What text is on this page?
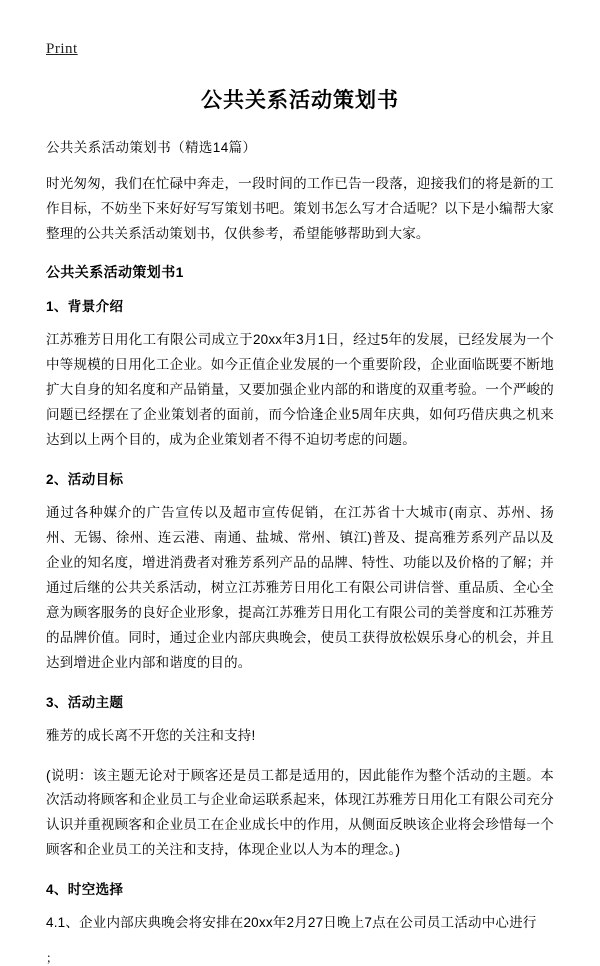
Print
公共关系活动策划书
公共关系活动策划书（精选14篇）

时光匆匆，我们在忙碌中奔走，一段时间的工作已告一段落，迎接我们的将是新的工作目标，不妨坐下来好好写写策划书吧。策划书怎么写才合适呢？以下是小编帮大家整理的公共关系活动策划书，仅供参考，希望能够帮助到大家。

公共关系活动策划书1
1、背景介绍

江苏雅芳日用化工有限公司成立于20xx年3月1日，经过5年的发展，已经发展为一个中等规模的日用化工企业。如今正值企业发展的一个重要阶段，企业面临既要不断地扩大自身的知名度和产品销量，又要加强企业内部的和谐度的双重考验。一个严峻的问题已经摆在了企业策划者的面前，而今恰逢企业5周年庆典，如何巧借庆典之机来达到以上两个目的，成为企业策划者不得不迫切考虑的问题。

2、活动目标

通过各种媒介的广告宣传以及超市宣传促销，在江苏省十大城市(南京、苏州、扬州、无锡、徐州、连云港、南通、盐城、常州、镇江)普及、提高雅芳系列产品以及企业的知名度，增进消费者对雅芳系列产品的品牌、特性、功能以及价格的了解；并通过后继的公共关系活动，树立江苏雅芳日用化工有限公司讲信誉、重品质、全心全意为顾客服务的良好企业形象，提高江苏雅芳日用化工有限公司的美誉度和江苏雅芳的品牌价值。同时，通过企业内部庆典晚会，使员工获得放松娱乐身心的机会，并且达到增进企业内部和谐度的目的。

3、活动主题

雅芳的成长离不开您的关注和支持!

(说明：该主题无论对于顾客还是员工都是适用的，因此能作为整个活动的主题。本次活动将顾客和企业员工与企业命运联系起来，体现江苏雅芳日用化工有限公司充分认识并重视顾客和企业员工在企业成长中的作用，从侧面反映该企业将会珍惜每一个顾客和企业员工的关注和支持，体现企业以人为本的理念。)

4、时空选择

4.1、企业内部庆典晚会将安排在20xx年2月27日晚上7点在公司员工活动中心进行

；
